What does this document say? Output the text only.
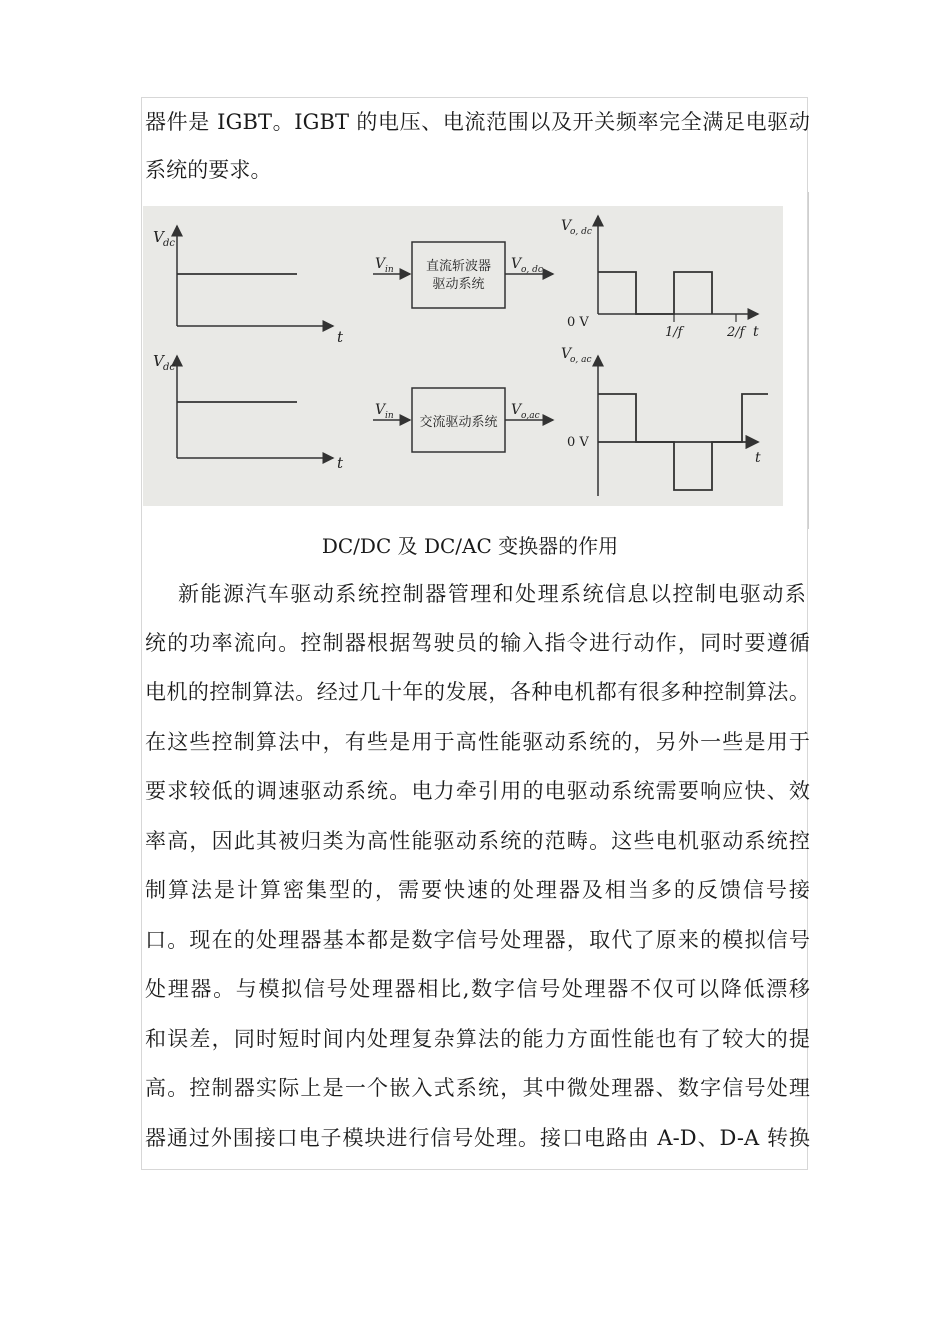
器件是 IGBT。IGBT 的电压、电流范围以及开关频率完全满足电驱动
系统的要求。
V dc
t
V in 直流斩波器
驱动系统
V o, dc
V
o, dc
0 V
1/f	2/f t
V dc
t
V in 交流驱动系统
V o,ac
V
o, ac
0 V
t
DC/DC 及 DC/AC 变换器的作用
新能源汽车驱动系统控制器管理和处理系统信息以控制电驱动系
统的功率流向。控制器根据驾驶员的输入指令进行动作，同时要遵循
电机的控制算法。经过几十年的发展，各种电机都有很多种控制算法。
在这些控制算法中，有些是用于高性能驱动系统的，另外一些是用于
要求较低的调速驱动系统。电力牵引用的电驱动系统需要响应快、效
率高，因此其被归类为高性能驱动系统的范畴。这些电机驱动系统控
制算法是计算密集型的，需要快速的处理器及相当多的反馈信号接
口。现在的处理器基本都是数字信号处理器，取代了原来的模拟信号
处理器。与模拟信号处理器相比,数字信号处理器不仅可以降低漂移
和误差，同时短时间内处理复杂算法的能力方面性能也有了较大的提
高。控制器实际上是一个嵌入式系统，其中微处理器、数字信号处理
器通过外围接口电子模块进行信号处理。接口电路由 A-D、D-A 转换
